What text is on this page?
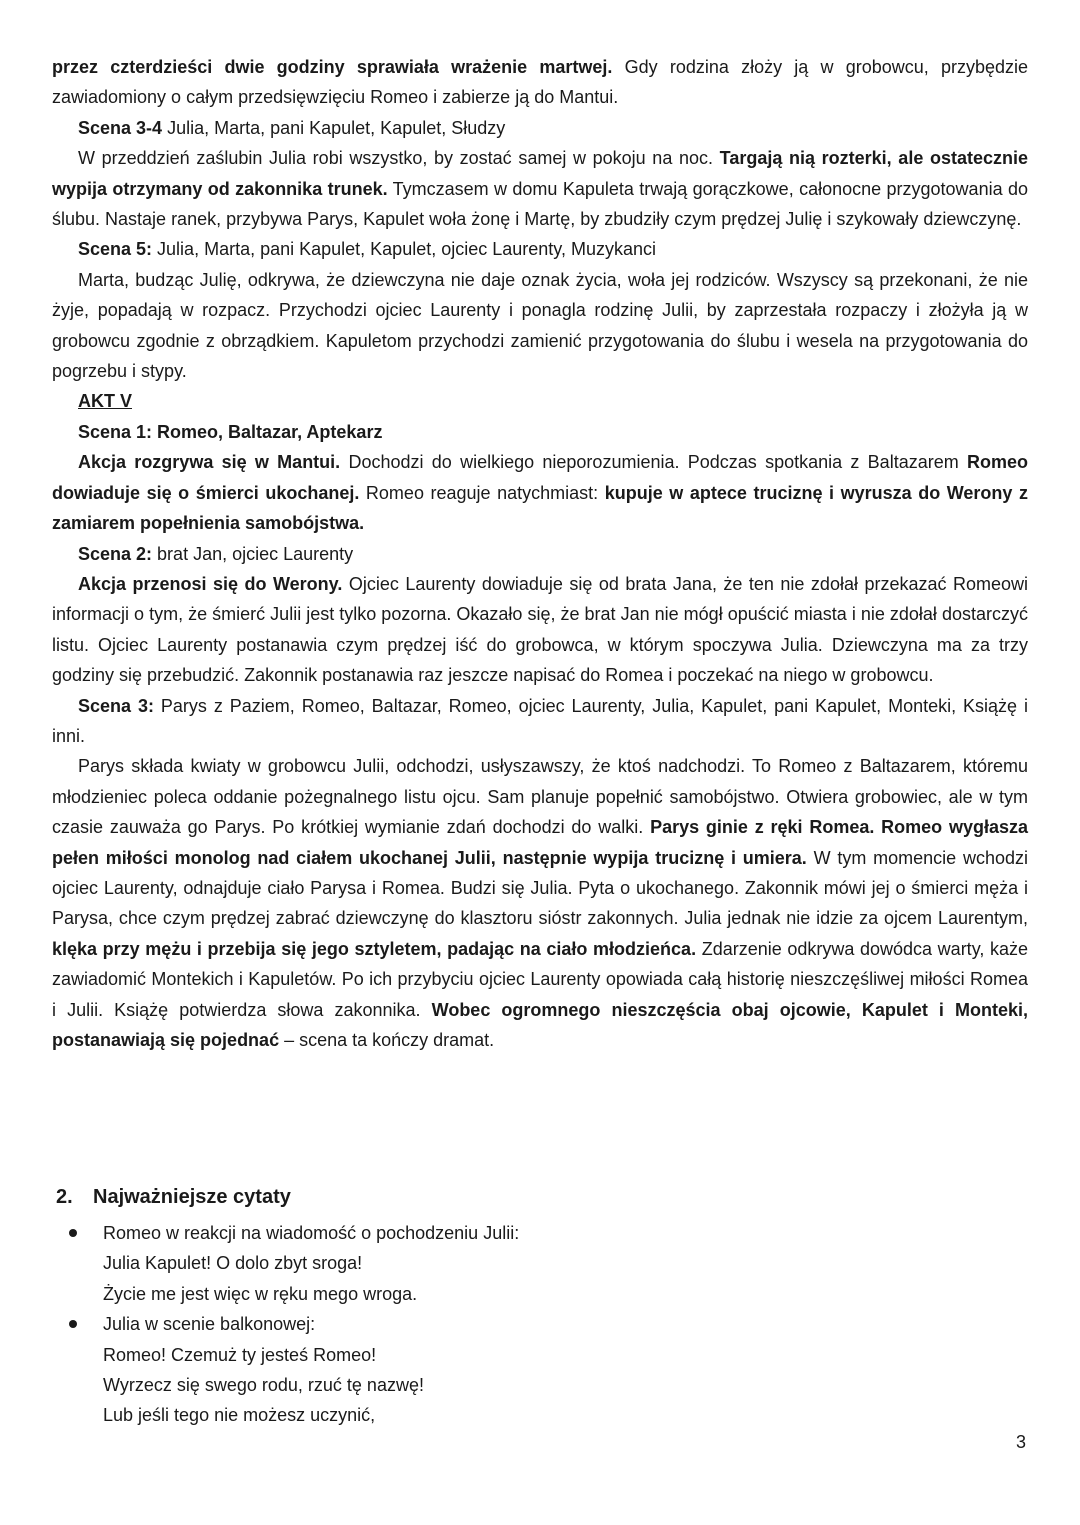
przez czterdzieści dwie godziny sprawiała wrażenie martwej. Gdy rodzina złoży ją w grobowcu, przybędzie zawiadomiony o całym przedsięwzięciu Romeo i zabierze ją do Mantui.

Scena 3-4 Julia, Marta, pani Kapulet, Kapulet, Słudzy

W przeddzień zaślubin Julia robi wszystko, by zostać samej w pokoju na noc. Targają nią rozterki, ale ostatecznie wypija otrzymany od zakonnika trunek. Tymczasem w domu Kapuleta trwają gorączkowe, całonocne przygotowania do ślubu. Nastaje ranek, przybywa Parys, Kapulet woła żonę i Martę, by zbudziły czym prędzej Julię i szykowały dziewczynę.

Scena 5: Julia, Marta, pani Kapulet, Kapulet, ojciec Laurenty, Muzykanci

Marta, budząc Julię, odkrywa, że dziewczyna nie daje oznak życia, woła jej rodziców. Wszyscy są przekonani, że nie żyje, popadają w rozpacz. Przychodzi ojciec Laurenty i ponagla rodzinę Julii, by zaprzestała rozpaczy i złożyła ją w grobowcu zgodnie z obrządkiem. Kapuletom przychodzi zamienić przygotowania do ślubu i wesela na przygotowania do pogrzebu i stypy.

AKT V

Scena 1: Romeo, Baltazar, Aptekarz

Akcja rozgrywa się w Mantui. Dochodzi do wielkiego nieporozumienia. Podczas spotkania z Baltazarem Romeo dowiaduje się o śmierci ukochanej. Romeo reaguje natychmiast: kupuje w aptece truciznę i wyrusza do Werony z zamiarem popełnienia samobójstwa.

Scena 2: brat Jan, ojciec Laurenty

Akcja przenosi się do Werony. Ojciec Laurenty dowiaduje się od brata Jana, że ten nie zdołał przekazać Romeowi informacji o tym, że śmierć Julii jest tylko pozorna. Okazało się, że brat Jan nie mógł opuścić miasta i nie zdołał dostarczyć listu. Ojciec Laurenty postanawia czym prędzej iść do grobowca, w którym spoczywa Julia. Dziewczyna ma za trzy godziny się przebudzić. Zakonnik postanawia raz jeszcze napisać do Romea i poczekać na niego w grobowcu.

Scena 3: Parys z Paziem, Romeo, Baltazar, Romeo, ojciec Laurenty, Julia, Kapulet, pani Kapulet, Monteki, Książę i inni.

Parys składa kwiaty w grobowcu Julii, odchodzi, usłyszawszy, że ktoś nadchodzi. To Romeo z Baltazarem, któremu młodzieniec poleca oddanie pożegnalnego listu ojcu. Sam planuje popełnić samobójstwo. Otwiera grobowiec, ale w tym czasie zauważa go Parys. Po krótkiej wymianie zdań dochodzi do walki. Parys ginie z ręki Romea. Romeo wygłasza pełen miłości monolog nad ciałem ukochanej Julii, następnie wypija truciznę i umiera. W tym momencie wchodzi ojciec Laurenty, odnajduje ciało Parysa i Romea. Budzi się Julia. Pyta o ukochanego. Zakonnik mówi jej o śmierci męża i Parysa, chce czym prędzej zabrać dziewczynę do klasztoru sióstr zakonnych. Julia jednak nie idzie za ojcem Laurentym, klęka przy mężu i przebija się jego sztyletem, padając na ciało młodzieńca. Zdarzenie odkrywa dowódca warty, każe zawiadomić Montekich i Kapuletów. Po ich przybyciu ojciec Laurenty opowiada całą historię nieszczęśliwej miłości Romea i Julii. Książę potwierdza słowa zakonnika. Wobec ogromnego nieszczęścia obaj ojcowie, Kapulet i Monteki, postanawiają się pojednać – scena ta kończy dramat.

2. Najważniejsze cytaty
Romeo w reakcji na wiadomość o pochodzeniu Julii:
Julia Kapulet! O dolo zbyt sroga!
Życie me jest więc w ręku mego wroga.
Julia w scenie balkonowej:
Romeo! Czemuż ty jesteś Romeo!
Wyrzecz się swego rodu, rzuć tę nazwę!
Lub jeśli tego nie możesz uczynić,
3
